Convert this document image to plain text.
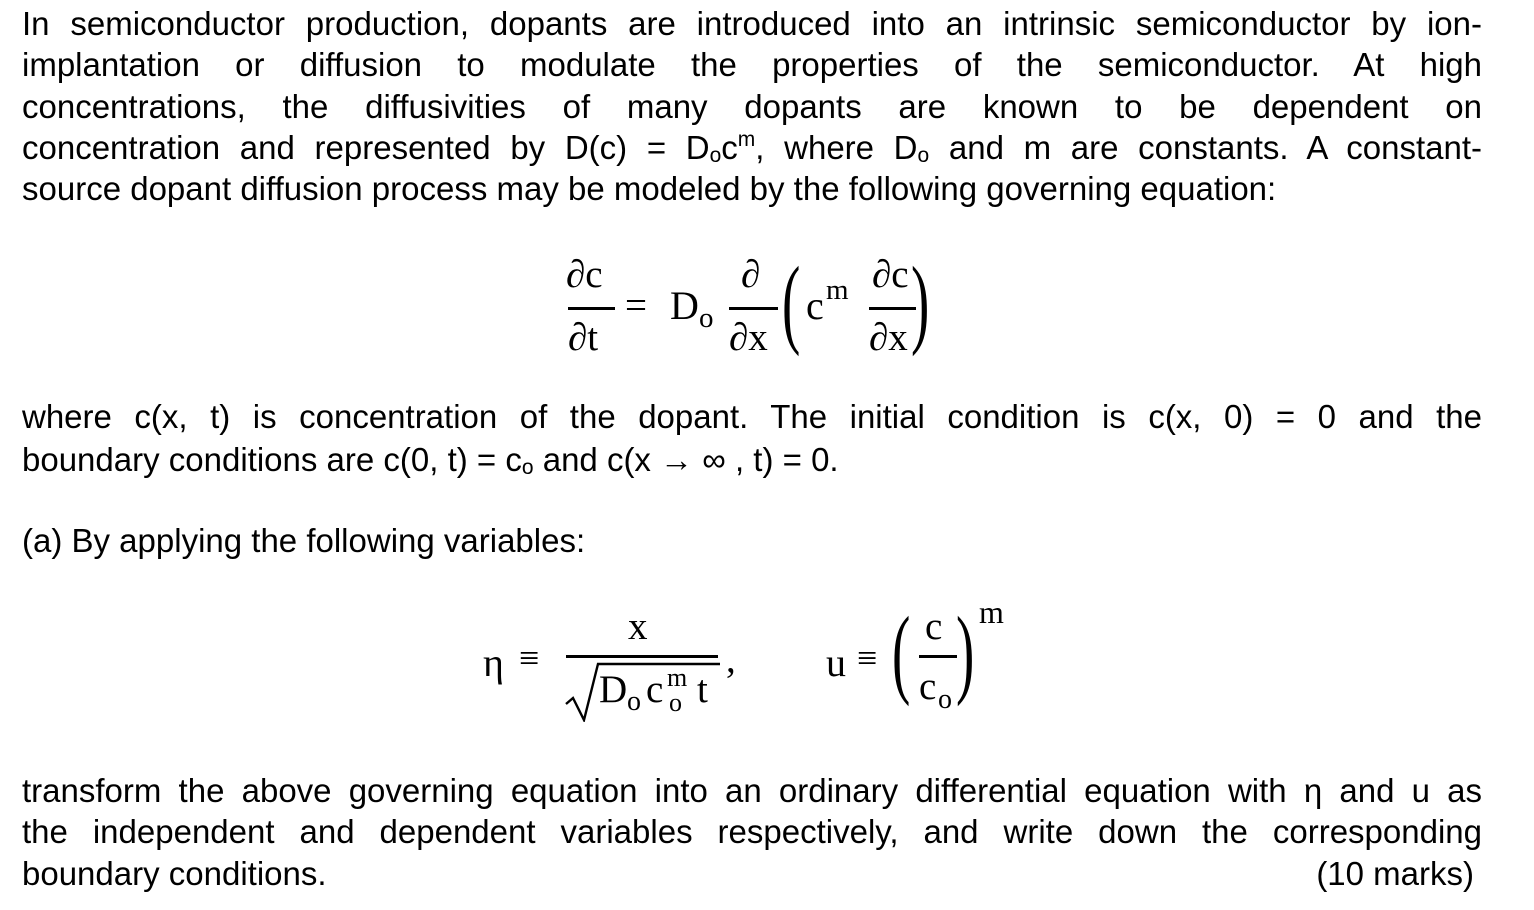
In semiconductor production, dopants are introduced into an intrinsic semiconductor by ion-
implantation or diffusion to modulate the properties of the semiconductor. At high
concentrations, the diffusivities of many dopants are known to be dependent on
concentration and represented by D(c) = Doc$^m$, where Do and m are constants. A constant-
source dopant diffusion process may be modeled by the following governing equation:
∂c
∂t
= D o
∂
∂x ( c m ∂c
∂x )
where c(x, t) is concentration of the dopant. The initial condition is c(x, 0) = 0 and the
boundary conditions are c(0, t) = co and c(x → ∞ , t) = 0.
(a) By applying the following variables:
η ≡
x
D o c m
o t
, u ≡ ( c
c o ) m
transform the above governing equation into an ordinary differential equation with η and u as
the independent and dependent variables respectively, and write down the corresponding
boundary conditions.	(10 marks)
